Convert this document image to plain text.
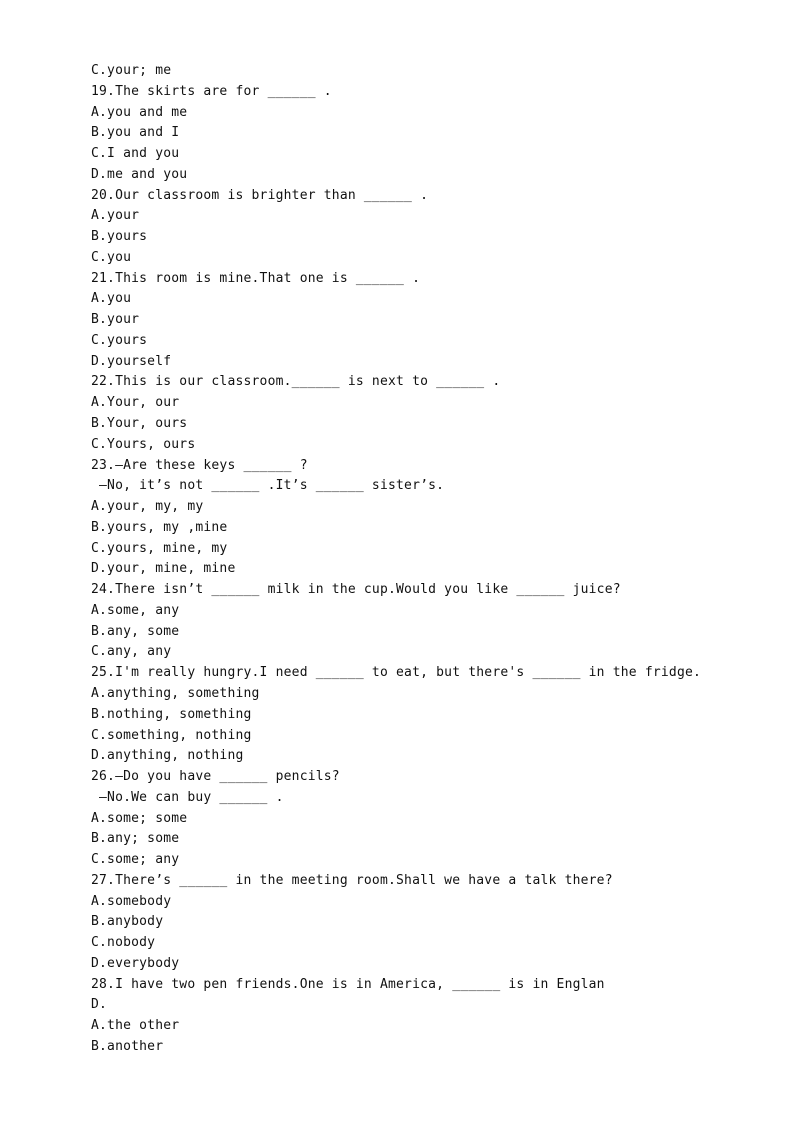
C.your; me
19.The skirts are for ______ .
A.you and me
B.you and I
C.I and you
D.me and you
20.Our classroom is brighter than ______ .
A.your
B.yours
C.you
21.This room is mine.That one is ______ .
A.you
B.your
C.yours
D.yourself
22.This is our classroom.______ is next to ______ .
A.Your, our
B.Your, ours
C.Yours, ours
23.–Are these keys ______ ?
–No, it’s not ______ .It’s ______ sister’s.
A.your, my, my
B.yours, my ,mine
C.yours, mine, my
D.your, mine, mine
24.There isn’t ______ milk in the cup.Would you like ______ juice?
A.some, any
B.any, some
C.any, any
25.I'm really hungry.I need ______ to eat, but there's ______ in the fridge.
A.anything, something
B.nothing, something
C.something, nothing
D.anything, nothing
26.–Do you have ______ pencils?
–No.We can buy ______ .
A.some; some
B.any; some
C.some; any
27.There’s ______ in the meeting room.Shall we have a talk there?
A.somebody
B.anybody
C.nobody
D.everybody
28.I have two pen friends.One is in America, ______ is in Englan
D.
A.the other
B.another
